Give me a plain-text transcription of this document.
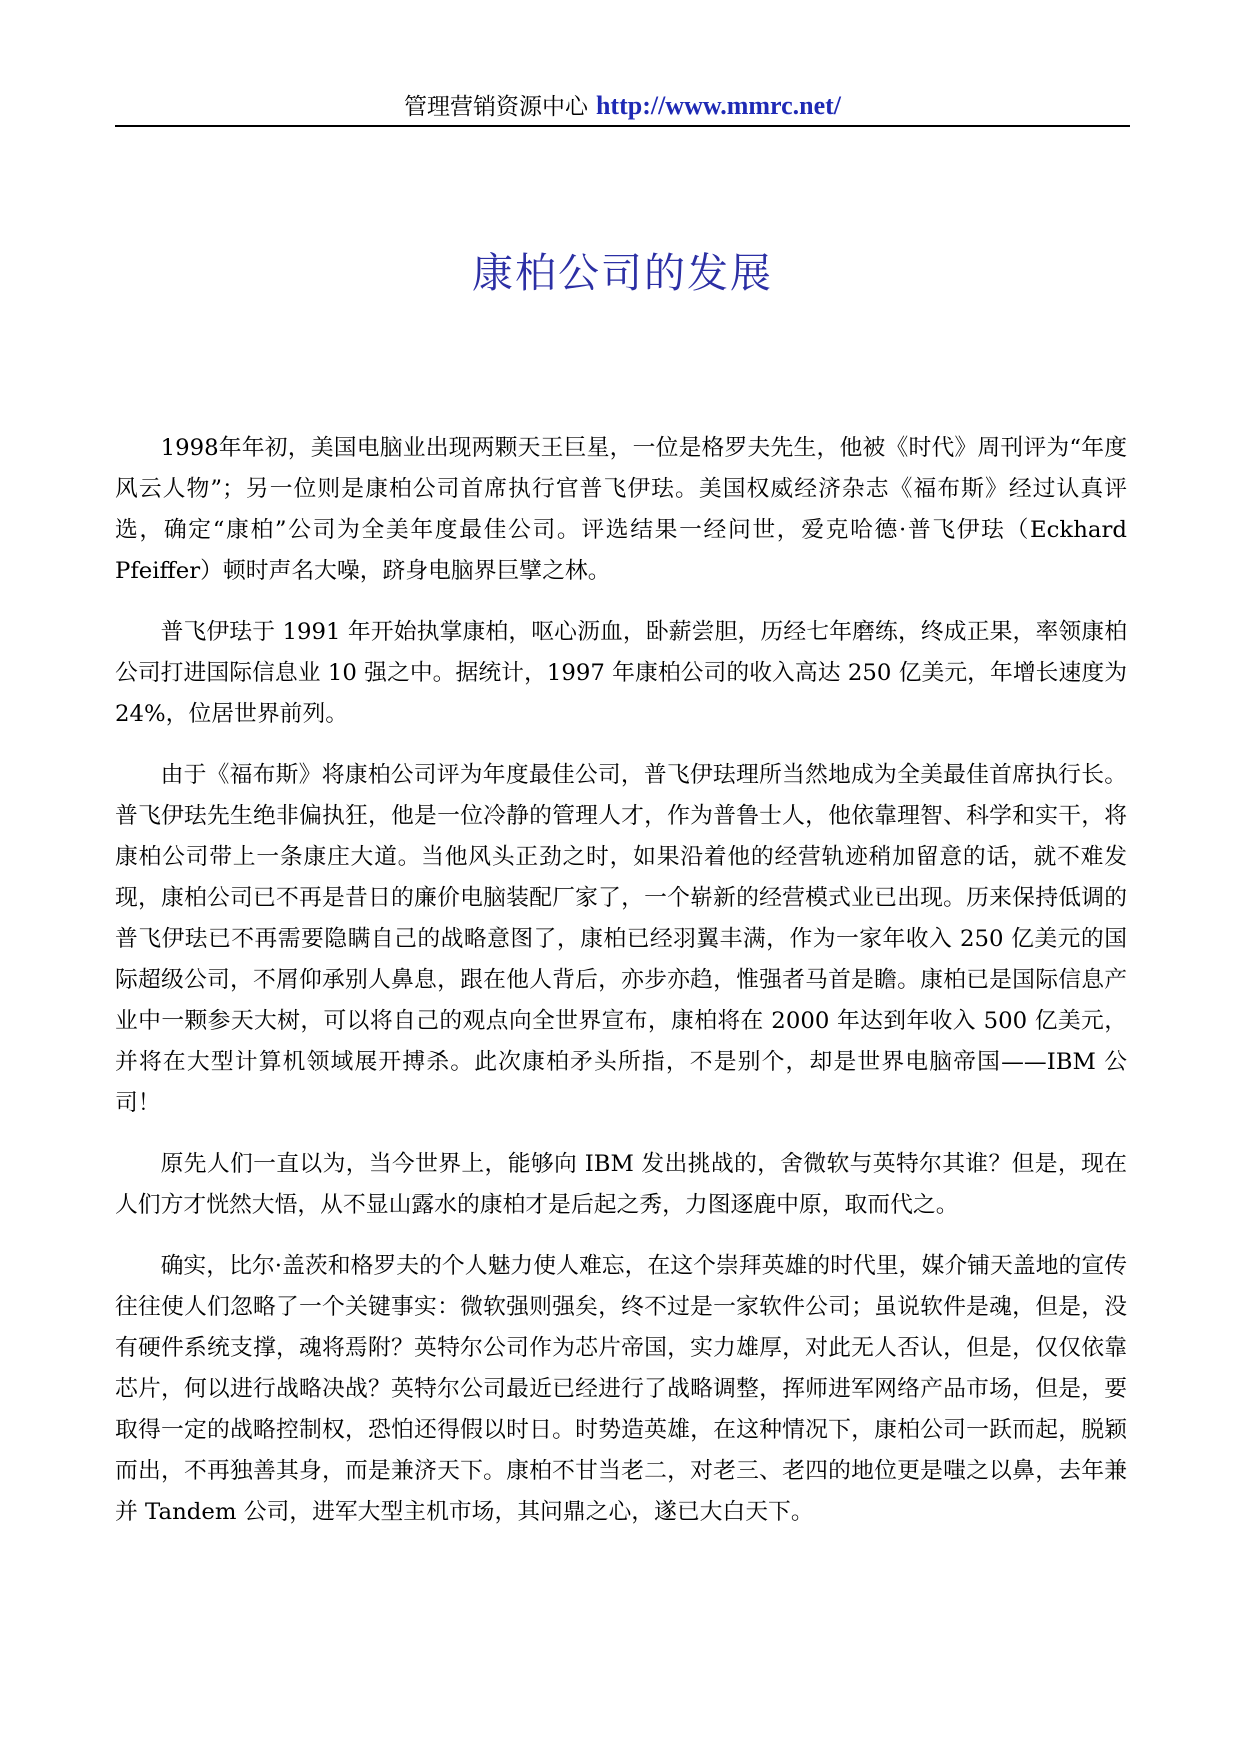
管理营销资源中心 http://www.mmrc.net/
康柏公司的发展

1998年年初，美国电脑业出现两颗天王巨星，一位是格罗夫先生，他被《时代》周刊评为“年度风云人物”；另一位则是康柏公司首席执行官普飞伊珐。美国权威经济杂志《福布斯》经过认真评选，确定“康柏”公司为全美年度最佳公司。评选结果一经问世，爱克哈德·普飞伊珐（Eckhard Pfeiffer）顿时声名大噪，跻身电脑界巨擘之林。

普飞伊珐于 1991 年开始执掌康柏，呕心沥血，卧薪尝胆，历经七年磨练，终成正果，率领康柏公司打进国际信息业 10 强之中。据统计，1997 年康柏公司的收入高达 250 亿美元，年增长速度为 24%，位居世界前列。

由于《福布斯》将康柏公司评为年度最佳公司，普飞伊珐理所当然地成为全美最佳首席执行长。普飞伊珐先生绝非偏执狂，他是一位冷静的管理人才，作为普鲁士人，他依靠理智、科学和实干，将康柏公司带上一条康庄大道。当他风头正劲之时，如果沿着他的经营轨迹稍加留意的话，就不难发现，康柏公司已不再是昔日的廉价电脑装配厂家了，一个崭新的经营模式业已出现。历来保持低调的普飞伊珐已不再需要隐瞒自己的战略意图了，康柏已经羽翼丰满，作为一家年收入 250 亿美元的国际超级公司，不屑仰承别人鼻息，跟在他人背后，亦步亦趋，惟强者马首是瞻。康柏已是国际信息产业中一颗参天大树，可以将自己的观点向全世界宣布，康柏将在 2000 年达到年收入 500 亿美元，并将在大型计算机领域展开搏杀。此次康柏矛头所指，不是别个，却是世界电脑帝国——IBM 公司！

原先人们一直以为，当今世界上，能够向 IBM 发出挑战的，舍微软与英特尔其谁？但是，现在人们方才恍然大悟，从不显山露水的康柏才是后起之秀，力图逐鹿中原，取而代之。

确实，比尔·盖茨和格罗夫的个人魅力使人难忘，在这个崇拜英雄的时代里，媒介铺天盖地的宣传往往使人们忽略了一个关键事实：微软强则强矣，终不过是一家软件公司；虽说软件是魂，但是，没有硬件系统支撑，魂将焉附？英特尔公司作为芯片帝国，实力雄厚，对此无人否认，但是，仅仅依靠芯片，何以进行战略决战？英特尔公司最近已经进行了战略调整，挥师进军网络产品市场，但是，要取得一定的战略控制权，恐怕还得假以时日。时势造英雄，在这种情况下，康柏公司一跃而起，脱颖而出，不再独善其身，而是兼济天下。康柏不甘当老二，对老三、老四的地位更是嗤之以鼻，去年兼并 Tandem 公司，进军大型主机市场，其问鼎之心，遂已大白天下。
